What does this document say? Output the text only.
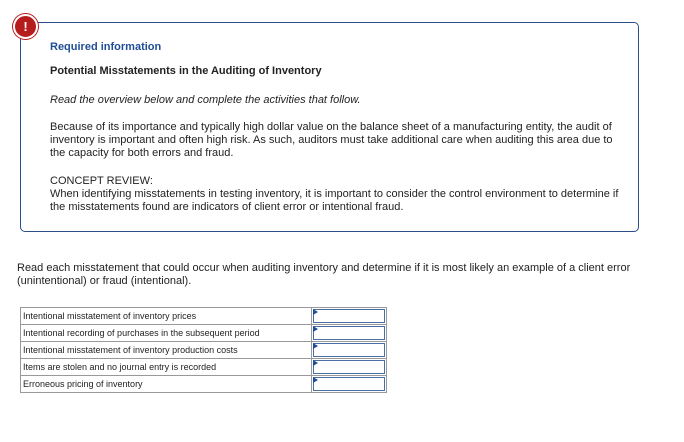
!

Required information

Potential Misstatements in the Auditing of Inventory

Read the overview below and complete the activities that follow.

Because of its importance and typically high dollar value on the balance sheet of a manufacturing entity, the audit of inventory is important and often high risk. As such, auditors must take additional care when auditing this area due to the capacity for both errors and fraud.

CONCEPT REVIEW:

When identifying misstatements in testing inventory, it is important to consider the control environment to determine if the misstatements found are indicators of client error or intentional fraud.

Read each misstatement that could occur when auditing inventory and determine if it is most likely an example of a client error (unintentional) or fraud (intentional).

Intentional misstatement of inventory prices	

Intentional recording of purchases in the subsequent period	

Intentional misstatement of inventory production costs	

Items are stolen and no journal entry is recorded	

Erroneous pricing of inventory	
